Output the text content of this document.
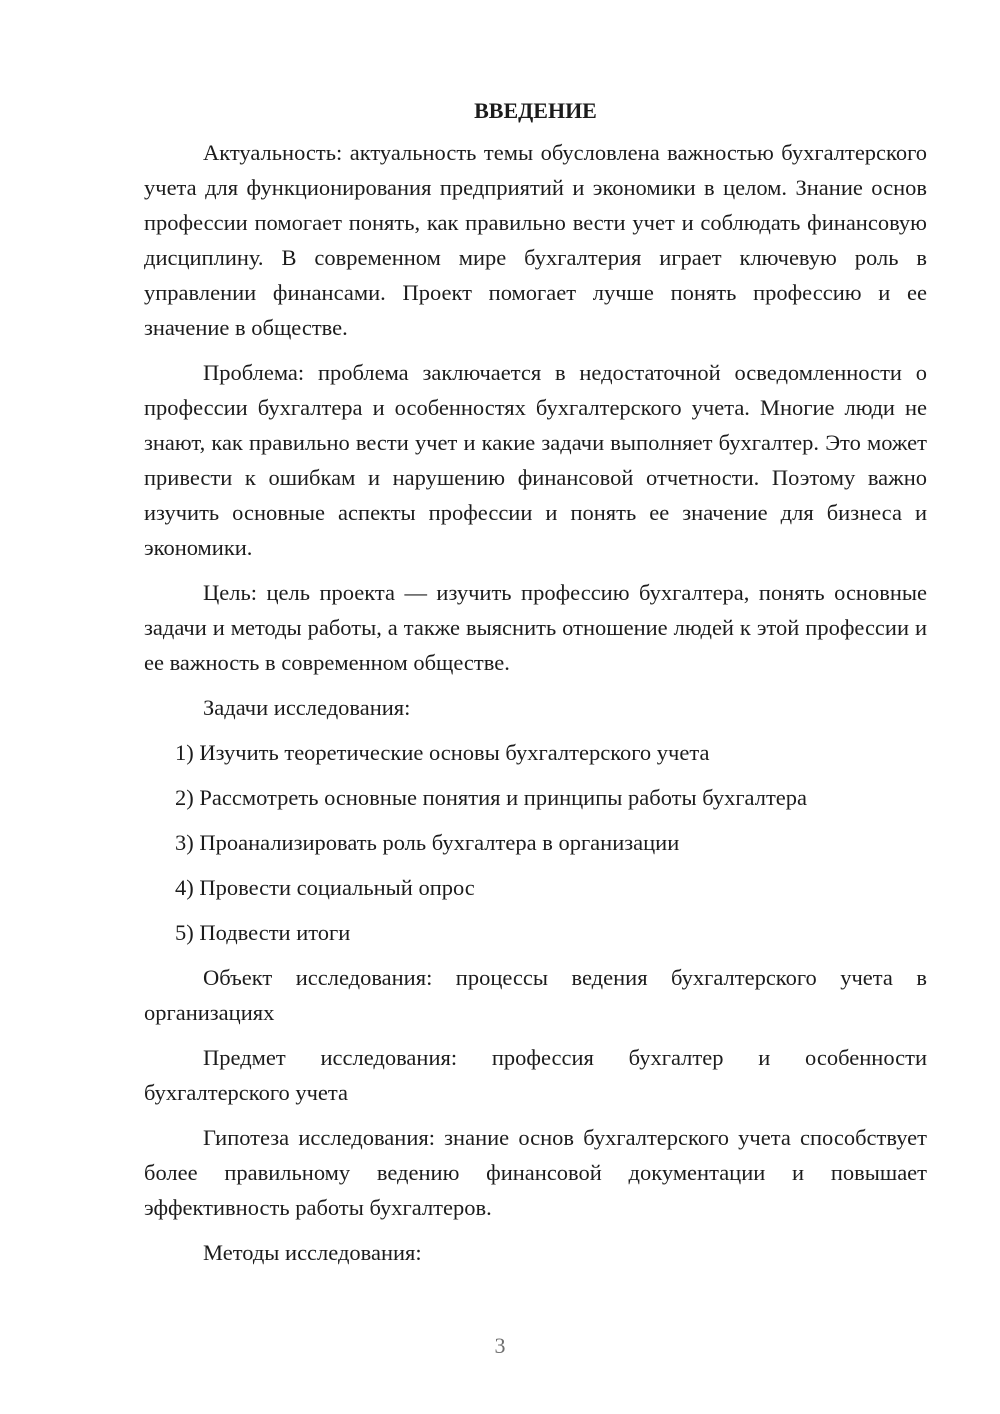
ВВЕДЕНИЕ

Актуальность: актуальность темы обусловлена важностью бухгалтерского учета для функционирования предприятий и экономики в целом. Знание основ профессии помогает понять, как правильно вести учет и соблюдать финансовую дисциплину. В современном мире бухгалтерия играет ключевую роль в управлении финансами. Проект помогает лучше понять профессию и ее значение в обществе.

Проблема: проблема заключается в недостаточной осведомленности о профессии бухгалтера и особенностях бухгалтерского учета. Многие люди не знают, как правильно вести учет и какие задачи выполняет бухгалтер. Это может привести к ошибкам и нарушению финансовой отчетности. Поэтому важно изучить основные аспекты профессии и понять ее значение для бизнеса и экономики.

Цель: цель проекта — изучить профессию бухгалтера, понять основные задачи и методы работы, а также выяснить отношение людей к этой профессии и ее важность в современном обществе.

Задачи исследования:

1) Изучить теоретические основы бухгалтерского учета
2) Рассмотреть основные понятия и принципы работы бухгалтера
3) Проанализировать роль бухгалтера в организации
4) Провести социальный опрос
5) Подвести итоги

Объект исследования: процессы ведения бухгалтерского учета в организациях

Предмет исследования: профессия бухгалтер и особенности бухгалтерского учета

Гипотеза исследования: знание основ бухгалтерского учета способствует более правильному ведению финансовой документации и повышает эффективность работы бухгалтеров.

Методы исследования:

3
